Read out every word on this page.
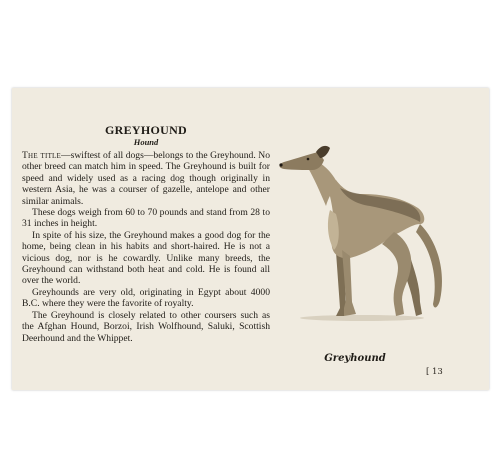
GREYHOUND

Hound

The title—swiftest of all dogs—belongs to the Greyhound. No other breed can match him in speed. The Greyhound is built for speed and widely used as a racing dog though originally in western Asia, he was a courser of gazelle, antelope and other similar animals.

These dogs weigh from 60 to 70 pounds and stand from 28 to 31 inches in height.

In spite of his size, the Greyhound makes a good dog for the home, being clean in his habits and short-haired. He is not a vicious dog, nor is he cowardly. Unlike many breeds, the Greyhound can withstand both heat and cold. He is found all over the world.

Greyhounds are very old, originating in Egypt about 4000 B.C. where they were the favorite of royalty.

The Greyhound is closely related to other coursers such as the Afghan Hound, Borzoi, Irish Wolfhound, Saluki, Scottish Deerhound and the Whippet.

Greyhound
[ 13
